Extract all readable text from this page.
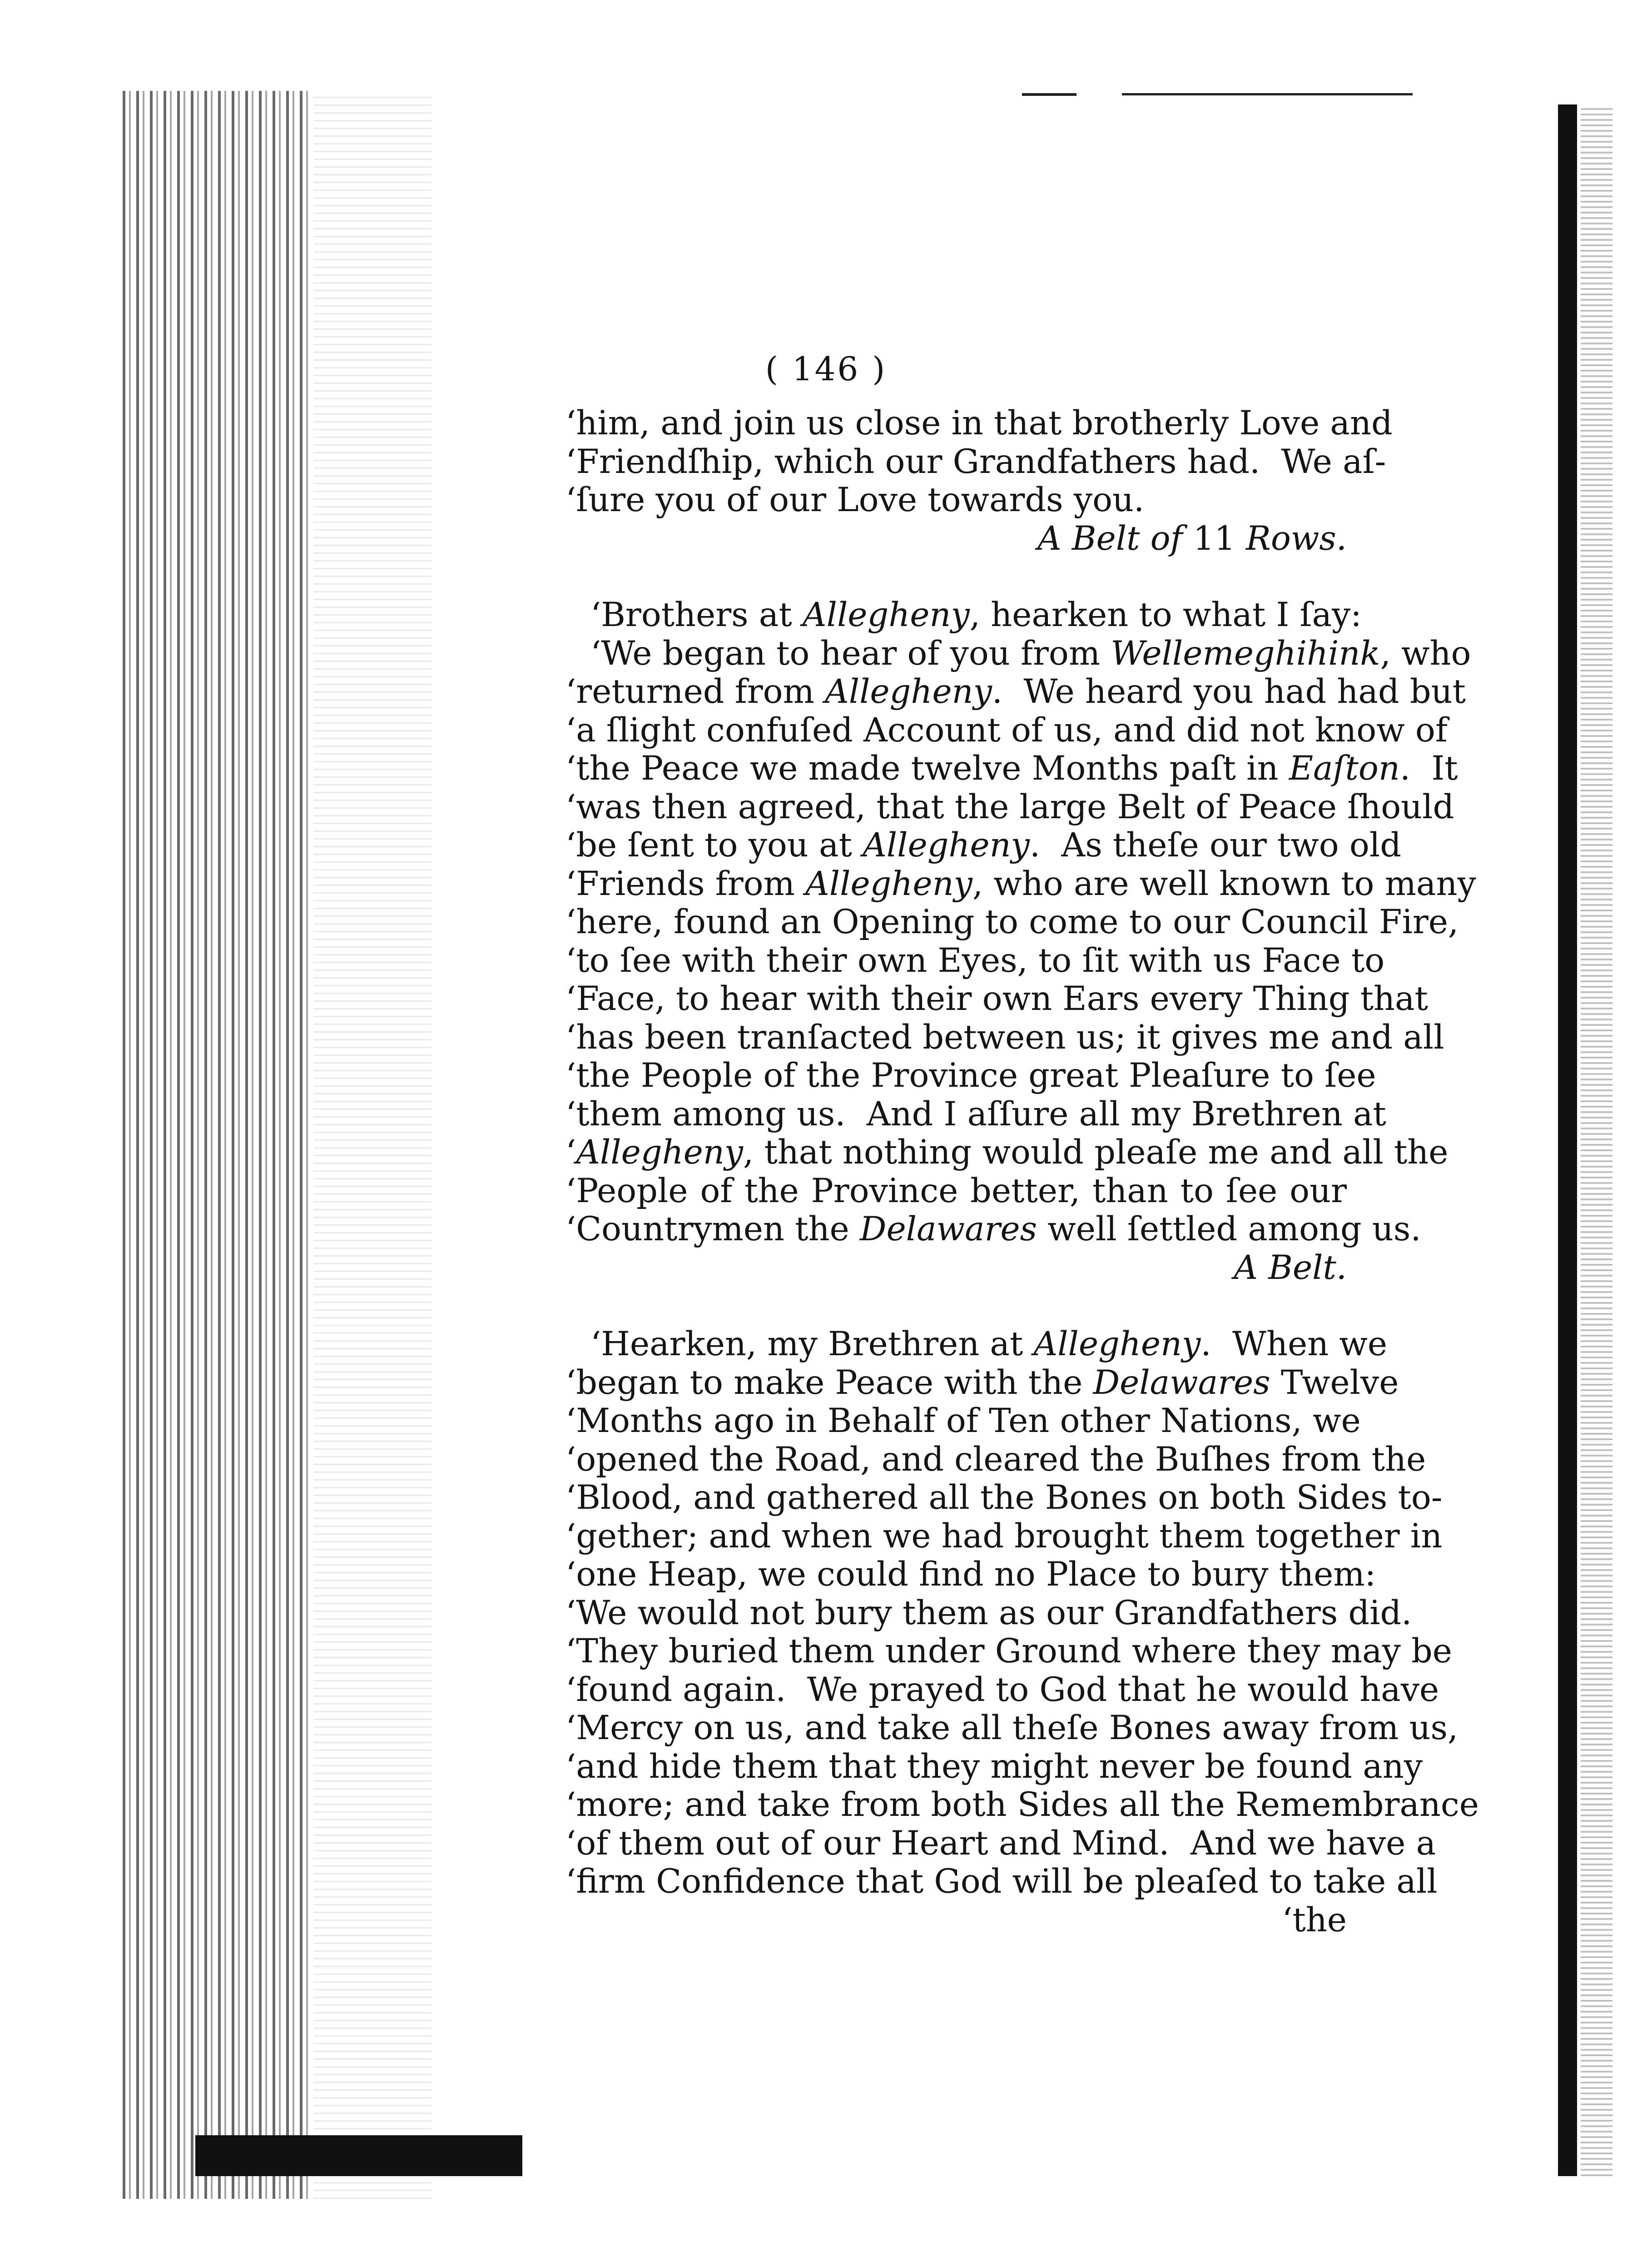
( 146 )
‘him, and join us close in that brotherly Love and
‘Friendſhip, which our Grandfathers had.  We aſ-
‘ſure you of our Love towards you.
A Belt of 11 Rows.
‘Brothers at Allegheny, hearken to what I ſay:
‘We began to hear of you from Wellemeghihink, who
‘returned from Allegheny.  We heard you had had but
‘a ſlight confuſed Account of us, and did not know of
‘the Peace we made twelve Months paſt in Eaſton.  It
‘was then agreed, that the large Belt of Peace ſhould
‘be ſent to you at Allegheny.  As theſe our two old
‘Friends from Allegheny, who are well known to many
‘here, found an Opening to come to our Council Fire,
‘to ſee with their own Eyes, to ſit with us Face to
‘Face, to hear with their own Ears every Thing that
‘has been tranſacted between us; it gives me and all
‘the People of the Province great Pleaſure to ſee
‘them among us.  And I aſſure all my Brethren at
‘Allegheny, that nothing would pleaſe me and all the
‘People of the Province better, than to ſee our
‘Countrymen the Delawares well ſettled among us.
A Belt.
‘Hearken, my Brethren at Allegheny.  When we
‘began to make Peace with the Delawares Twelve
‘Months ago in Behalf of Ten other Nations, we
‘opened the Road, and cleared the Buſhes from the
‘Blood, and gathered all the Bones on both Sides to-
‘gether; and when we had brought them together in
‘one Heap, we could find no Place to bury them:
‘We would not bury them as our Grandfathers did.
‘They buried them under Ground where they may be
‘found again.  We prayed to God that he would have
‘Mercy on us, and take all theſe Bones away from us,
‘and hide them that they might never be found any
‘more; and take from both Sides all the Remembrance
‘of them out of our Heart and Mind.  And we have a
‘firm Confidence that God will be pleaſed to take all
‘the
